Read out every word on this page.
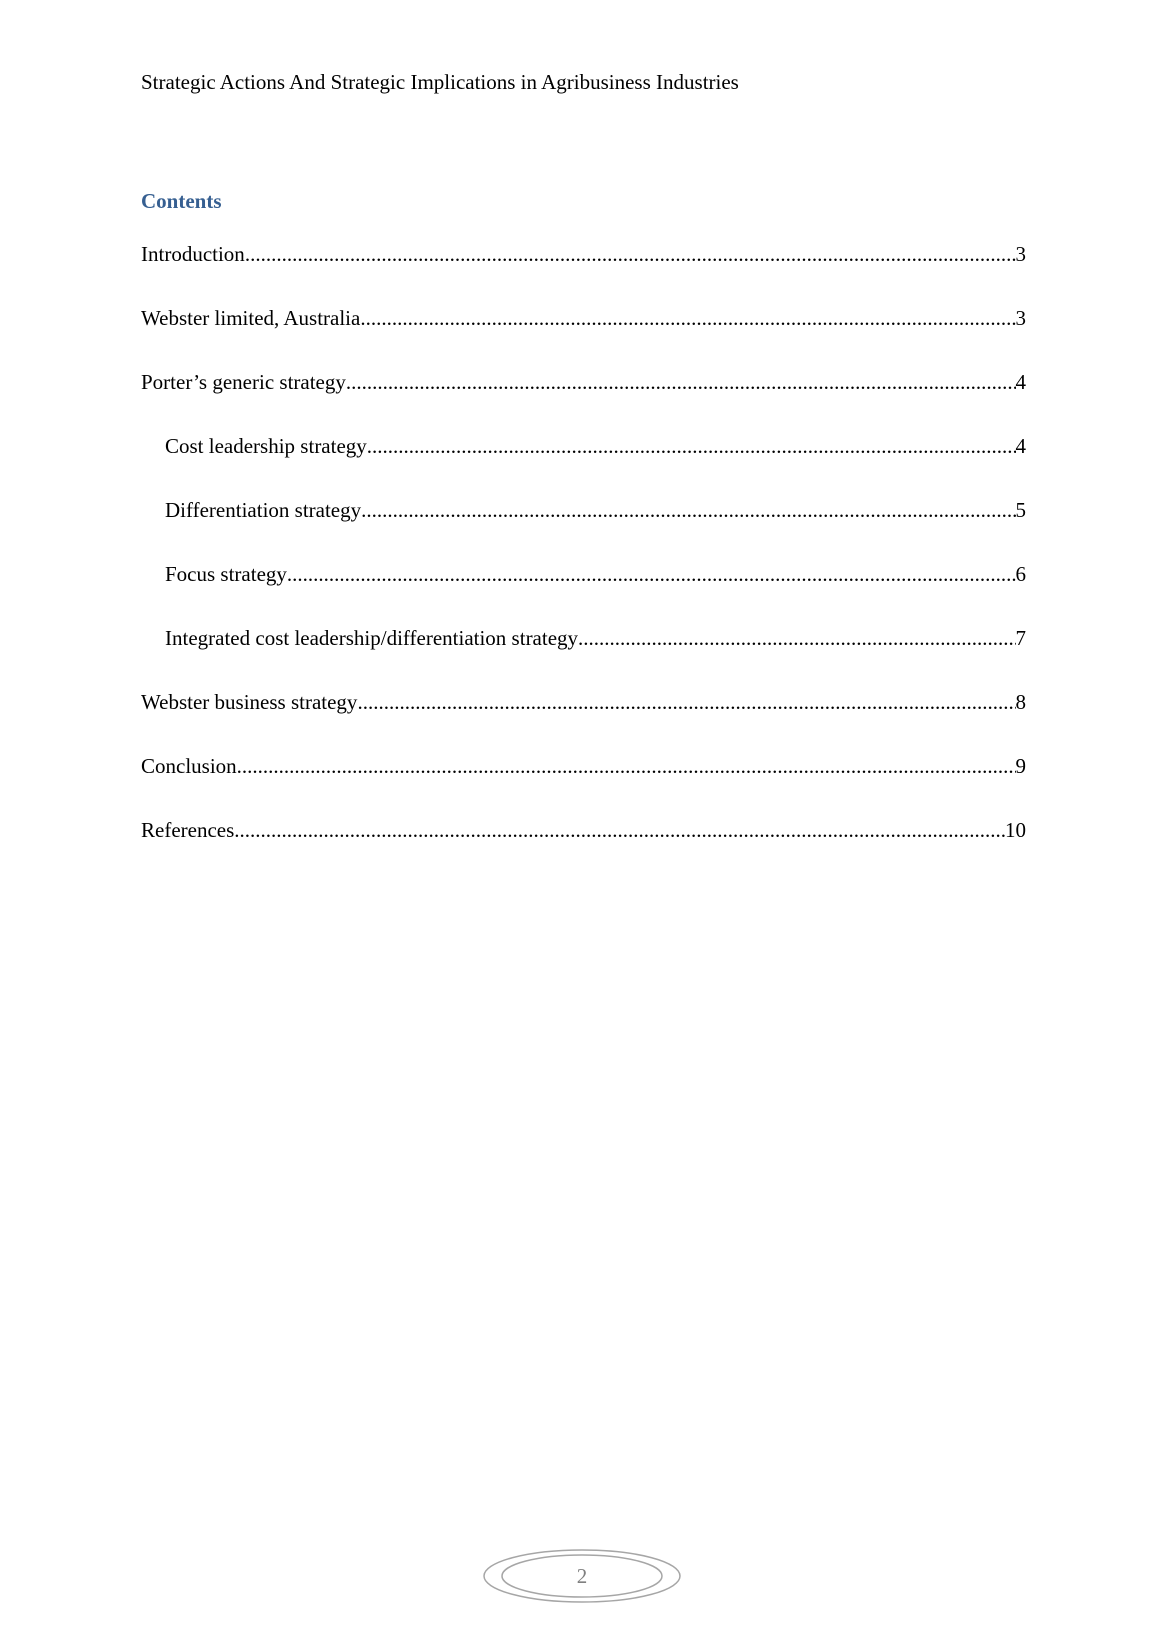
Strategic Actions And Strategic Implications in Agribusiness Industries
Contents
Introduction .....	3
Webster limited, Australia .....	3
Porter’s generic strategy .....	4
Cost leadership strategy .....	4
Differentiation strategy .....	5
Focus strategy .....	6
Integrated cost leadership/differentiation strategy .....	7
Webster business strategy .....	8
Conclusion .....	9
References .....	10
2
